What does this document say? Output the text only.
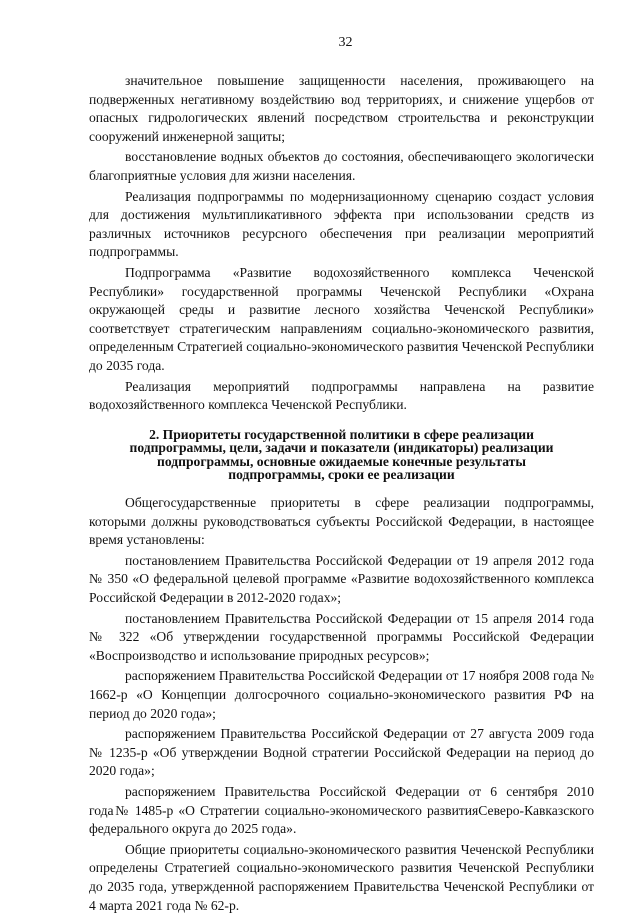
32

значительное повышение защищенности населения, проживающего на подверженных негативному воздействию вод территориях, и снижение ущербов от опасных гидрологических явлений посредством строительства и реконструкции сооружений инженерной защиты;

восстановление водных объектов до состояния, обеспечивающего экологически благоприятные условия для жизни населения.

Реализация подпрограммы по модернизационному сценарию создаст условия для достижения мультипликативного эффекта при использовании средств из различных источников ресурсного обеспечения при реализации мероприятий подпрограммы.

Подпрограмма «Развитие водохозяйственного комплекса Чеченской Республики» государственной программы Чеченской Республики «Охрана окружающей среды и развитие лесного хозяйства Чеченской Республики» соответствует стратегическим направлениям социально-экономического развития, определенным Стратегией социально-экономического развития Чеченской Республики до 2035 года.

Реализация мероприятий подпрограммы направлена на развитие водохозяйственного комплекса Чеченской Республики.

2. Приоритеты государственной политики в сфере реализации
подпрограммы, цели, задачи и показатели (индикаторы) реализации
подпрограммы, основные ожидаемые конечные результаты
подпрограммы, сроки ее реализации

Общегосударственные приоритеты в сфере реализации подпрограммы, которыми должны руководствоваться субъекты Российской Федерации, в настоящее время установлены:

постановлением Правительства Российской Федерации от 19 апреля 2012 года № 350 «О федеральной целевой программе «Развитие водохозяйственного комплекса Российской Федерации в 2012-2020 годах»;

постановлением Правительства Российской Федерации от 15 апреля 2014 года № 322 «Об утверждении государственной программы Российской Федерации «Воспроизводство и использование природных ресурсов»;

распоряжением Правительства Российской Федерации от 17 ноября 2008 года № 1662-р «О Концепции долгосрочного социально-экономического развития РФ на период до 2020 года»;

распоряжением Правительства Российской Федерации от 27 августа 2009 года № 1235-р «Об утверждении Водной стратегии Российской Федерации на период до 2020 года»;

распоряжением Правительства Российской Федерации от 6 сентября 2010 года№ 1485-р «О Стратегии социально-экономического развитияСеверо-Кавказского федерального округа до 2025 года».

Общие приоритеты социально-экономического развития Чеченской Республики определены Стратегией социально-экономического развития Чеченской Республики до 2035 года, утвержденной распоряжением Правительства Чеченской Республики от 4 марта 2021 года № 62-р.
